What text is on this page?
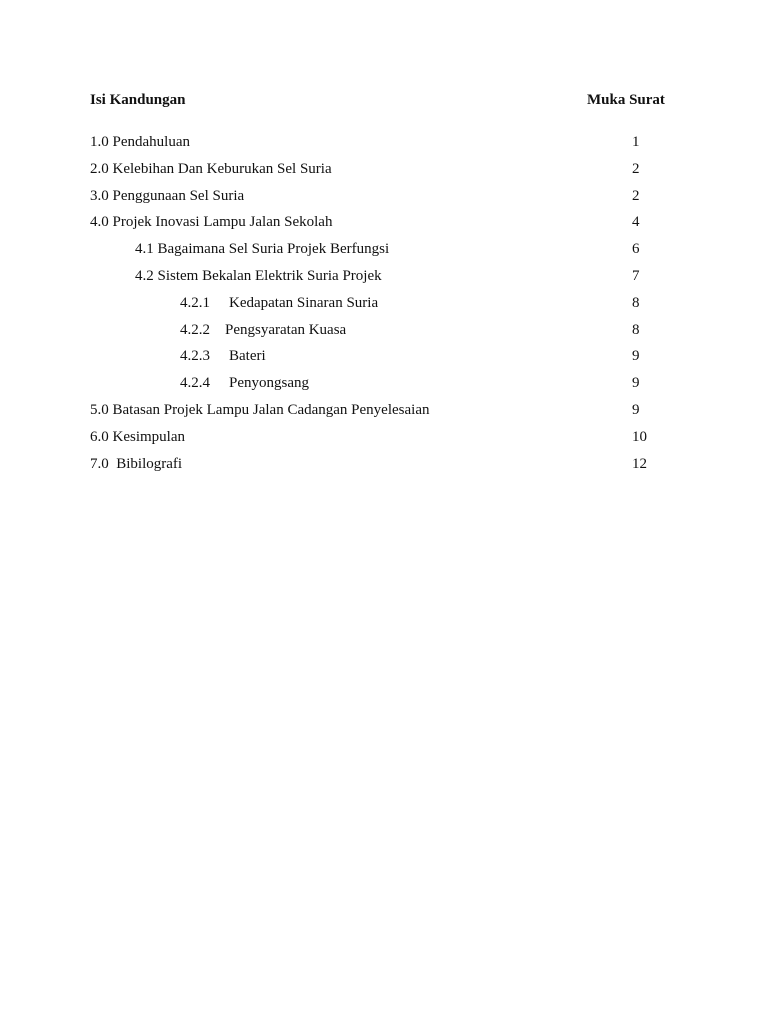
Isi Kandungan	Muka Surat
1.0 Pendahuluan	1
2.0 Kelebihan Dan Keburukan Sel Suria	2
3.0 Penggunaan Sel Suria	2
4.0 Projek Inovasi Lampu Jalan Sekolah	4
4.1 Bagaimana Sel Suria Projek Berfungsi	6
4.2 Sistem Bekalan Elektrik Suria Projek	7
4.2.1 Kedapatan Sinaran Suria	8
4.2.2 Pengsyaratan Kuasa	8
4.2.3 Bateri	9
4.2.4 Penyongsang	9
5.0 Batasan Projek Lampu Jalan Cadangan Penyelesaian	9
6.0 Kesimpulan	10
7.0  Bibilografi	12
